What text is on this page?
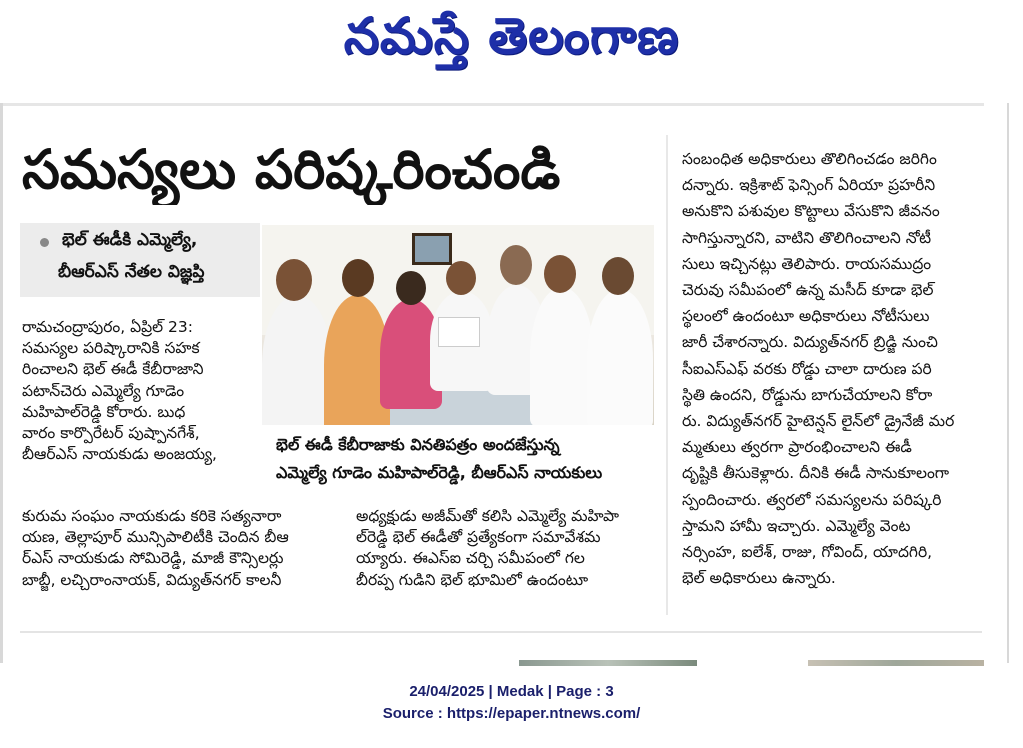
నమస్తే తెలంగాణ
సమస్యలు పరిష్కరించండి
భెల్ ఈడీకి ఎమ్మెల్యే,
బీఆర్ఎస్ నేతల విజ్ఞప్తి
రామచంద్రాపురం, ఏప్రిల్ 23:
సమస్యల పరిష్కారానికి సహక
రించాలని భెల్ ఈడీ కేబీరాజాని
పటాన్‌చెరు ఎమ్మెల్యే గూడెం
మహిపాల్‌రెడ్డి కోరారు. బుధ
వారం కార్పొరేటర్ పుష్పానగేశ్,
బీఆర్ఎస్ నాయకుడు అంజయ్య,
కురుమ సంఘం నాయకుడు కరికె సత్యనారా
యణ, తెల్లాపూర్ మున్సిపాలిటీకి చెందిన బీఆ
ర్ఎస్ నాయకుడు సోమిరెడ్డి, మాజీ కౌన్సిలర్లు
బాబ్జీ, లచ్చిరాంనాయక్, విద్యుత్‌నగర్ కాలనీ
భెల్ ఈడీ కేబీరాజాకు వినతిపత్రం అందజేస్తున్న
ఎమ్మెల్యే గూడెం మహిపాల్‌రెడ్డి, బీఆర్ఎస్ నాయకులు
అధ్యక్షుడు అజీమ్‌తో కలిసి ఎమ్మెల్యే మహిపా
ల్‌రెడ్డి భెల్ ఈడీతో ప్రత్యేకంగా సమావేశమ
య్యారు. ఈఎస్ఐ చర్చి సమీపంలో గల
బీరప్ప గుడిని భెల్ భూమిలో ఉందంటూ
సంబంధిత అధికారులు తొలిగించడం జరిగిం
దన్నారు. ఇక్రిశాట్ ఫెన్సింగ్ ఏరియా ప్రహరీని
అనుకొని పశువుల కొట్టాలు వేసుకొని జీవనం
సాగిస్తున్నారని, వాటిని తొలిగించాలని నోటీ
సులు ఇచ్చినట్లు తెలిపారు. రాయసముద్రం
చెరువు సమీపంలో ఉన్న మసీద్ కూడా భెల్
స్థలంలో ఉందంటూ అధికారులు నోటీసులు
జారీ చేశారన్నారు. విద్యుత్‌నగర్ బ్రిడ్జి నుంచి
సీఐఎస్ఎఫ్ వరకు రోడ్డు చాలా దారుణ పరి
స్థితి ఉందని, రోడ్డును బాగుచేయాలని కోరా
రు. విద్యుత్‌నగర్ హైటెన్షన్ లైన్‌లో డ్రైనేజీ మర
మ్మతులు త్వరగా ప్రారంభించాలని ఈడీ
దృష్టికి తీసుకెళ్లారు. దీనికి ఈడీ సానుకూలంగా
స్పందించారు. త్వరలో సమస్యలను పరిష్కరి
స్తామని హామీ ఇచ్చారు. ఎమ్మెల్యే వెంట
నర్సింహ, ఐలేశ్, రాజు, గోవింద్, యాదగిరి,
భెల్ అధికారులు ఉన్నారు.
24/04/2025 | Medak | Page : 3
Source : https://epaper.ntnews.com/
